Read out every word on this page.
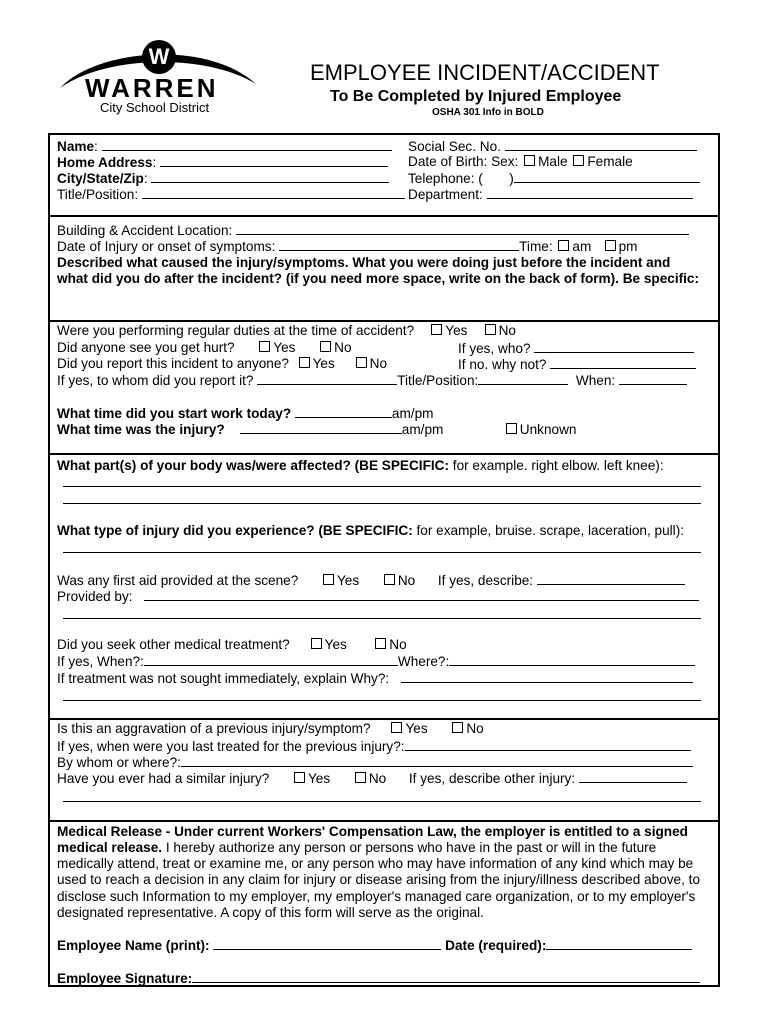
W
WARREN
City School District
EMPLOYEE INCIDENT/ACCIDENT
To Be Completed by Injured Employee
OSHA 301 Info in BOLD
Name:
Home Address:
City/State/Zip:
Title/Position:
Social Sec. No.
Date of Birth: Sex: Male Female
Telephone: ( )
Department:
Building & Accident Location:
Date of Injury or onset of symptoms:	Time: am pm
Described what caused the injury/symptoms. What you were doing just before the incident and
what did you do after the incident? (if you need more space, write on the back of form). Be specific:
Were you performing regular duties at the time of accident? Yes No
Did anyone see you get hurt?	Yes	No	If yes, who?
Did you report this incident to anyone? Yes	No	If no. why not?
If yes, to whom did you report it?	Title/Position:	When:
What time did you start work today?	am/pm
What time was the injury?	am/pm	Unknown
What part(s) of your body was/were affected? (BE SPECIFIC: for example. right elbow. left knee):
What type of injury did you experience? (BE SPECIFIC: for example, bruise. scrape, laceration, pull):
Was any first aid provided at the scene?	Yes	No If yes, describe:
Provided by:
Did you seek other medical treatment?	Yes	No
If yes, When?:	Where?:
If treatment was not sought immediately, explain Why?:
Is this an aggravation of a previous injury/symptom?	Yes	No
If yes, when were you last treated for the previous injury?:
By whom or where?:
Have you ever had a similar injury?	Yes	No If yes, describe other injury:
Medical Release - Under current Workers' Compensation Law, the employer is entitled to a signed
medical release. I hereby authorize any person or persons who have in the past or will in the future
medically attend, treat or examine me, or any person who may have information of any kind which may be
used to reach a decision in any claim for injury or disease arising from the injury/illness described above, to
disclose such Information to my employer, my employer's managed care organization, or to my employer's
designated representative. A copy of this form will serve as the original.
Employee Name (print):	Date (required):
Employee Signature:
